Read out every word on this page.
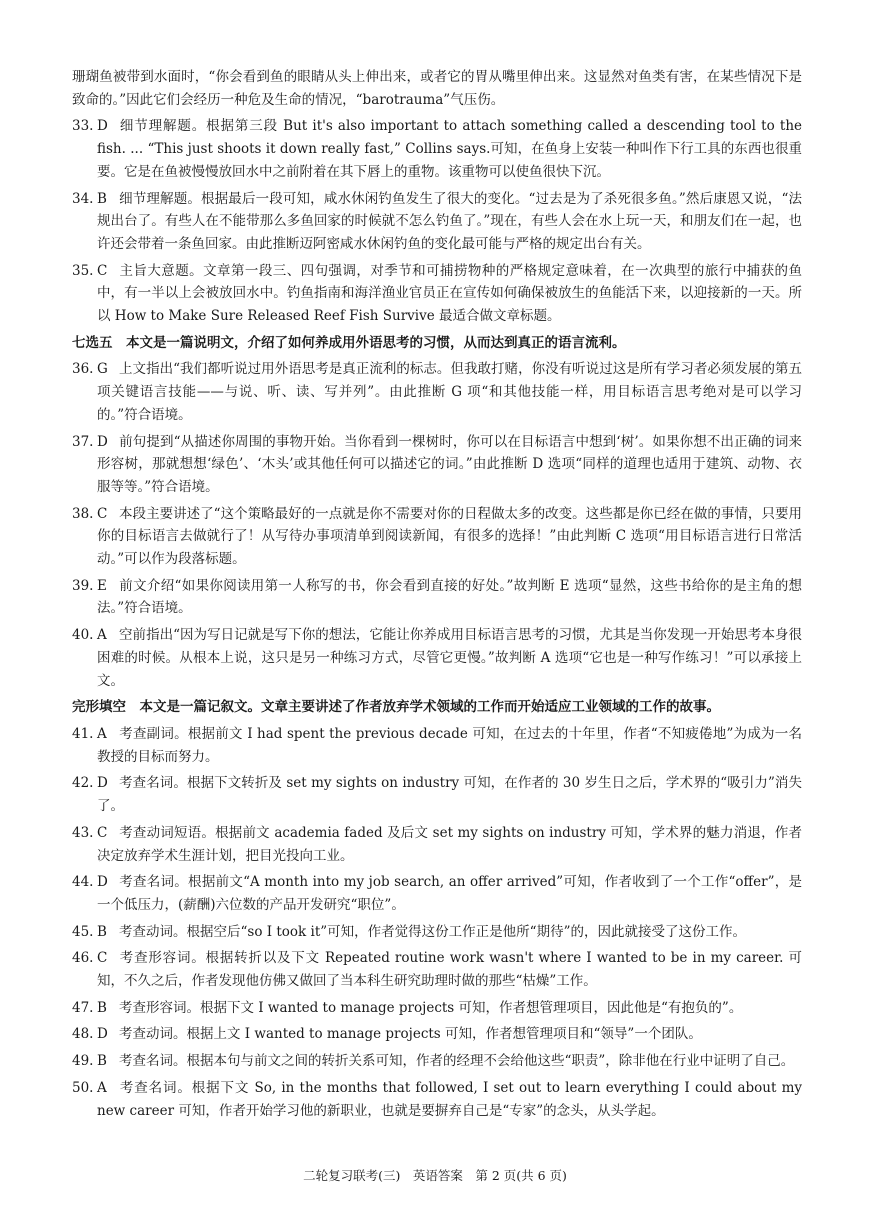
珊瑚鱼被带到水面时，“你会看到鱼的眼睛从头上伸出来，或者它的胃从嘴里伸出来。这显然对鱼类有害，在某些情况下是致命的。”因此它们会经历一种危及生命的情况，“barotrauma”气压伤。
33. D 细节理解题。根据第三段 But it's also important to attach something called a descending tool to the fish. ... “This just shoots it down really fast,” Collins says.可知，在鱼身上安装一种叫作下行工具的东西也很重要。它是在鱼被慢慢放回水中之前附着在其下唇上的重物。该重物可以使鱼很快下沉。
34. B 细节理解题。根据最后一段可知，咸水休闲钓鱼发生了很大的变化。“过去是为了杀死很多鱼。”然后康恩又说，“法规出台了。有些人在不能带那么多鱼回家的时候就不怎么钓鱼了。”现在，有些人会在水上玩一天，和朋友们在一起，也许还会带着一条鱼回家。由此推断迈阿密咸水休闲钓鱼的变化最可能与严格的规定出台有关。
35. C 主旨大意题。文章第一段三、四句强调，对季节和可捕捞物种的严格规定意味着，在一次典型的旅行中捕获的鱼中，有一半以上会被放回水中。钓鱼指南和海洋渔业官员正在宣传如何确保被放生的鱼能活下来，以迎接新的一天。所以 How to Make Sure Released Reef Fish Survive 最适合做文章标题。
七选五　本文是一篇说明文，介绍了如何养成用外语思考的习惯，从而达到真正的语言流利。
36. G 上文指出“我们都听说过用外语思考是真正流利的标志。但我敢打赌，你没有听说过这是所有学习者必须发展的第五项关键语言技能——与说、听、读、写并列”。由此推断 G 项“和其他技能一样，用目标语言思考绝对是可以学习的。”符合语境。
37. D 前句提到“从描述你周围的事物开始。当你看到一棵树时，你可以在目标语言中想到‘树’。如果你想不出正确的词来形容树，那就想想‘绿色’、‘木头’或其他任何可以描述它的词。”由此推断 D 选项“同样的道理也适用于建筑、动物、衣服等等。”符合语境。
38. C 本段主要讲述了“这个策略最好的一点就是你不需要对你的日程做太多的改变。这些都是你已经在做的事情，只要用你的目标语言去做就行了！从写待办事项清单到阅读新闻，有很多的选择！”由此判断 C 选项“用目标语言进行日常活动。”可以作为段落标题。
39. E 前文介绍“如果你阅读用第一人称写的书，你会看到直接的好处。”故判断 E 选项“显然，这些书给你的是主角的想法。”符合语境。
40. A 空前指出“因为写日记就是写下你的想法，它能让你养成用目标语言思考的习惯，尤其是当你发现一开始思考本身很困难的时候。从根本上说，这只是另一种练习方式，尽管它更慢。”故判断 A 选项“它也是一种写作练习！”可以承接上文。
完形填空　本文是一篇记叙文。文章主要讲述了作者放弃学术领域的工作而开始适应工业领域的工作的故事。
41. A 考查副词。根据前文 I had spent the previous decade 可知，在过去的十年里，作者“不知疲倦地”为成为一名教授的目标而努力。
42. D 考查名词。根据下文转折及 set my sights on industry 可知，在作者的 30 岁生日之后，学术界的“吸引力”消失了。
43. C 考查动词短语。根据前文 academia faded 及后文 set my sights on industry 可知，学术界的魅力消退，作者决定放弃学术生涯计划，把目光投向工业。
44. D 考查名词。根据前文“A month into my job search, an offer arrived”可知，作者收到了一个工作“offer”，是一个低压力，(薪酬)六位数的产品开发研究“职位”。
45. B 考查动词。根据空后“so I took it”可知，作者觉得这份工作正是他所“期待”的，因此就接受了这份工作。
46. C 考查形容词。根据转折以及下文 Repeated routine work wasn't where I wanted to be in my career. 可知，不久之后，作者发现他仿佛又做回了当本科生研究助理时做的那些“枯燥”工作。
47. B 考查形容词。根据下文 I wanted to manage projects 可知，作者想管理项目，因此他是“有抱负的”。
48. D 考查动词。根据上文 I wanted to manage projects 可知，作者想管理项目和“领导”一个团队。
49. B 考查名词。根据本句与前文之间的转折关系可知，作者的经理不会给他这些“职责”，除非他在行业中证明了自己。
50. A 考查名词。根据下文 So, in the months that followed, I set out to learn everything I could about my new career 可知，作者开始学习他的新职业，也就是要摒弃自己是“专家”的念头，从头学起。
二轮复习联考(三)　英语答案　第 2 页(共 6 页)
